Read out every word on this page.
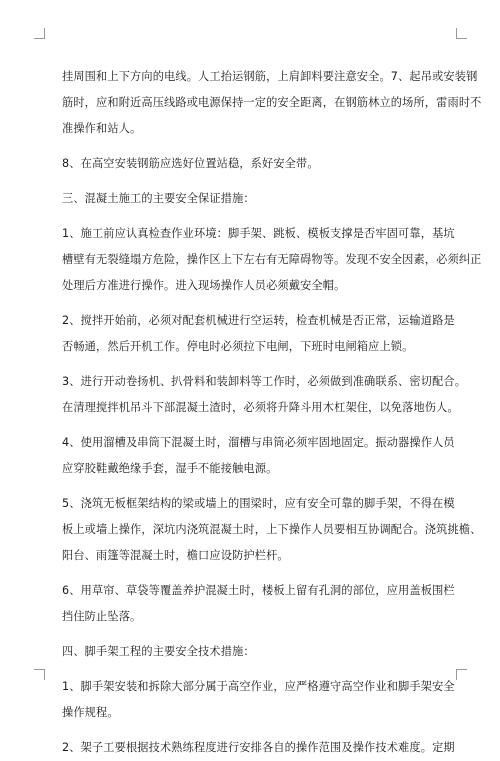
挂周围和上下方向的电线。人工抬运钢筋，上肩卸料要注意安全。7、起吊或安装钢
筋时，应和附近高压线路或电源保持一定的安全距离，在钢筋林立的场所，雷雨时不
准操作和站人。
8、在高空安装钢筋应选好位置站稳，系好安全带。
三、混凝土施工的主要安全保证措施：
1、施工前应认真检查作业环境：脚手架、跳板、模板支撑是否牢固可靠，基坑
槽壁有无裂缝塌方危险，操作区上下左右有无障碍物等。发现不安全因素，必须纠正
处理后方准进行操作。进入现场操作人员必须戴安全帽。
2、搅拌开始前，必须对配套机械进行空运转，检查机械是否正常，运输道路是
否畅通，然后开机工作。停电时必须拉下电闸，下班时电闸箱应上锁。
3、进行开动卷扬机、扒骨料和装卸料等工作时，必须做到准确联系、密切配合。
在清理搅拌机吊斗下部混凝土渣时，必须将升降斗用木杠架住，以免落地伤人。
4、使用溜槽及串筒下混凝土时，溜槽与串筒必须牢固地固定。振动器操作人员
应穿胶鞋戴绝缘手套，湿手不能接触电源。
5、浇筑无板框架结构的梁或墙上的围梁时，应有安全可靠的脚手架，不得在模
板上或墙上操作，深坑内浇筑混凝土时，上下操作人员要相互协调配合。浇筑挑檐、
阳台、雨篷等混凝土时，檐口应设防护栏杆。
6、用草帘、草袋等覆盖养护混凝土时，楼板上留有孔洞的部位，应用盖板围栏
挡住防止坠落。
四、脚手架工程的主要安全技术措施：
1、脚手架安装和拆除大部分属于高空作业，应严格遵守高空作业和脚手架安全
操作规程。
2、架子工要根据技术熟练程度进行安排各自的操作范围及操作技术难度。定期
